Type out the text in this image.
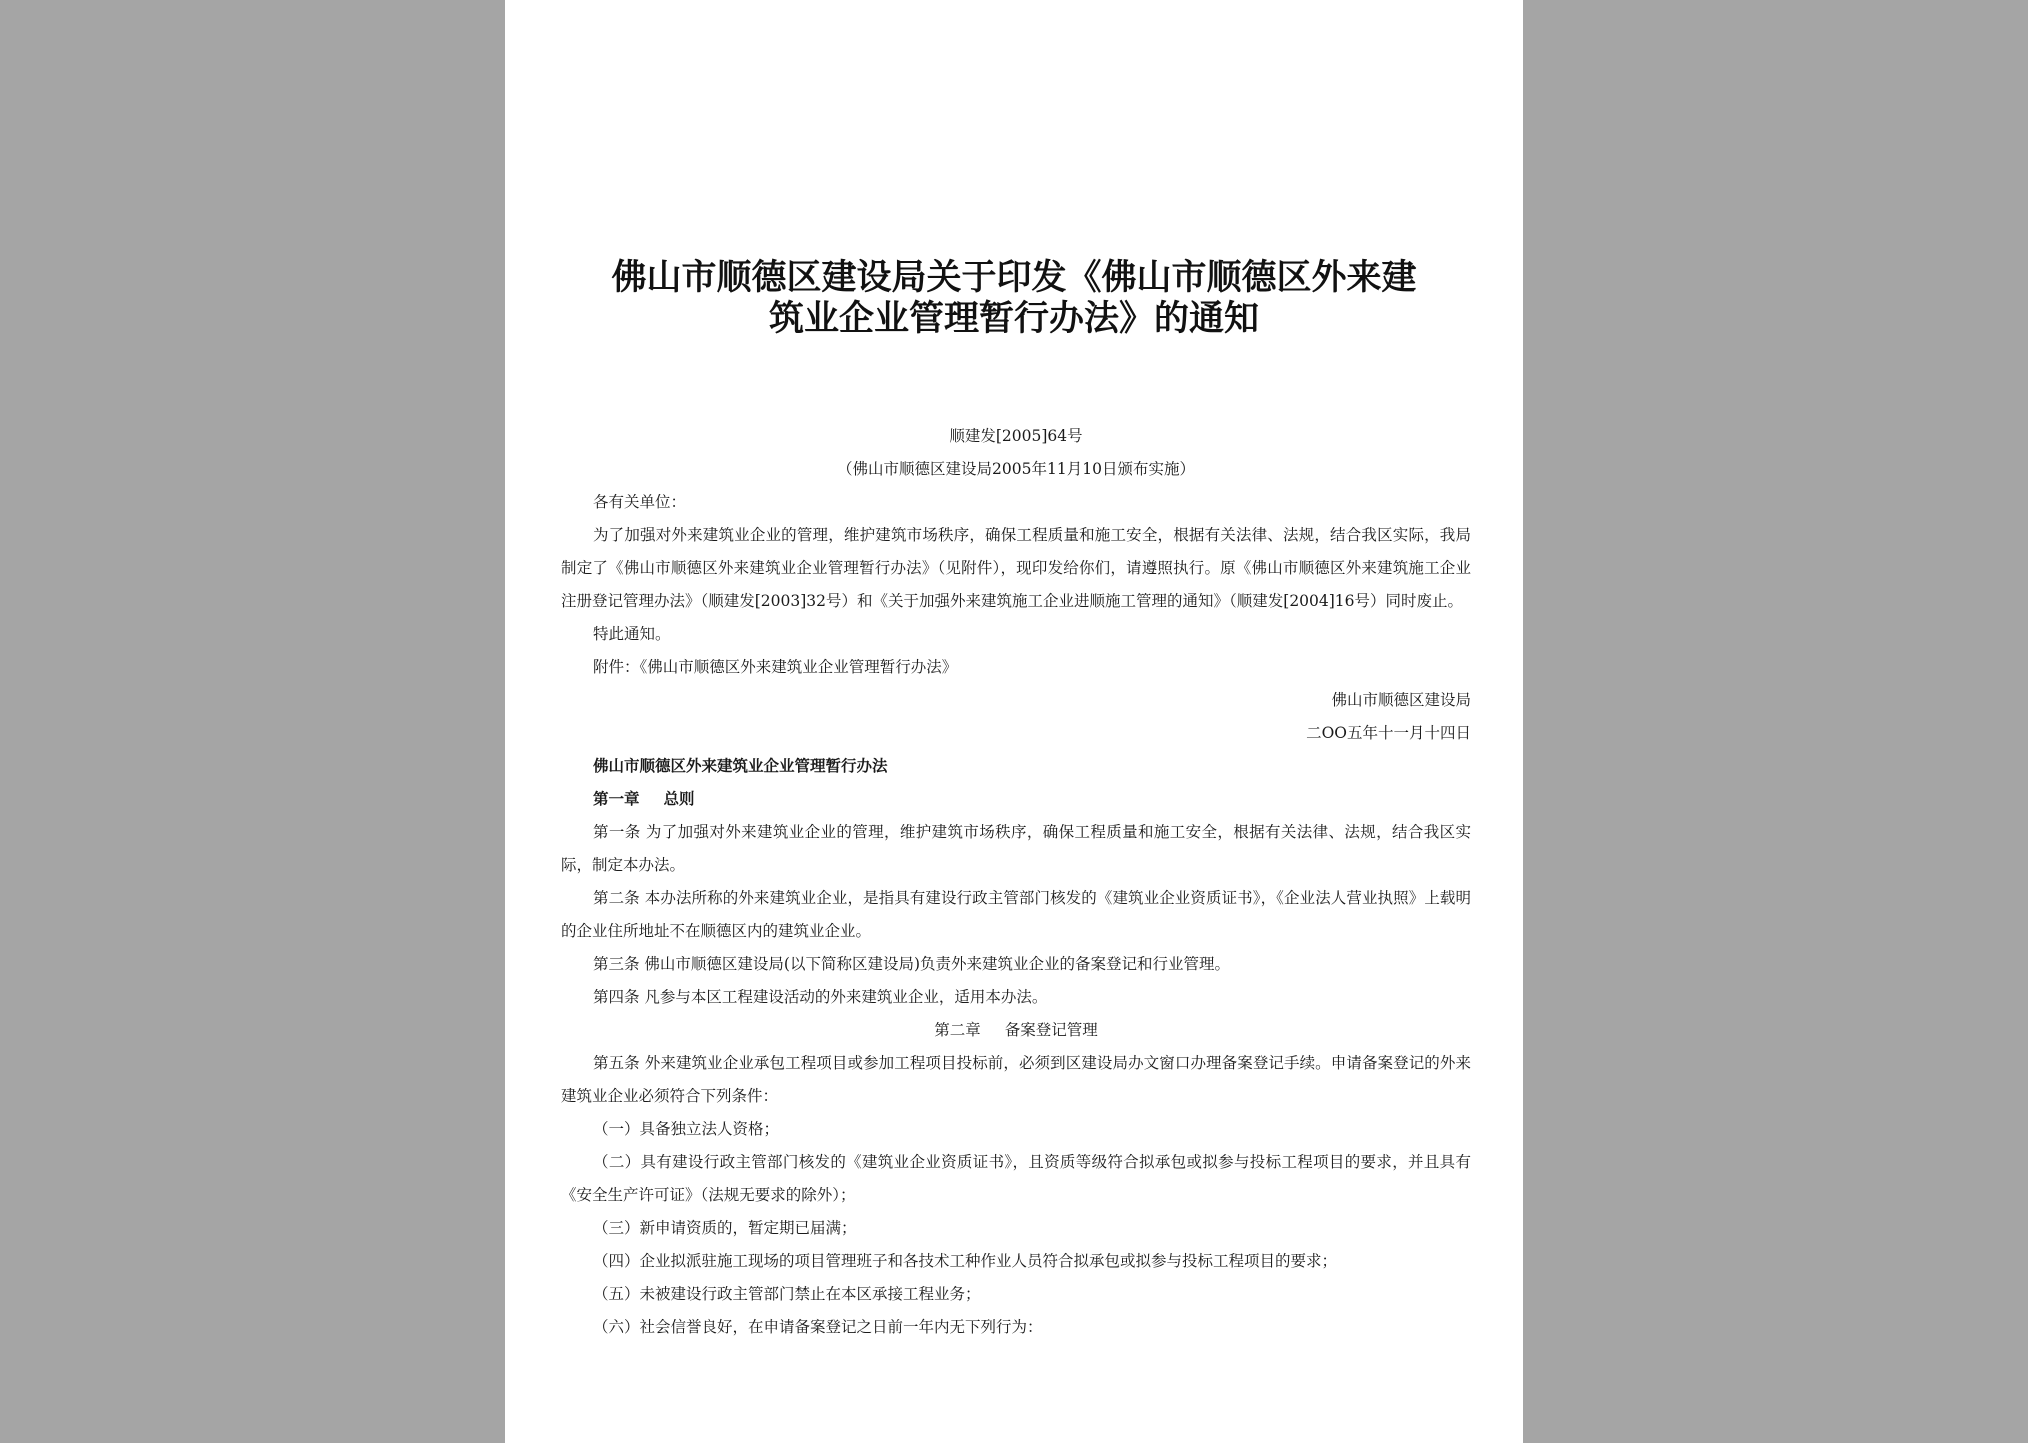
佛山市顺德区建设局关于印发《佛山市顺德区外来建
筑业企业管理暂行办法》的通知

顺建发[2005]64号

（佛山市顺德区建设局2005年11月10日颁布实施）

各有关单位：

为了加强对外来建筑业企业的管理，维护建筑市场秩序，确保工程质量和施工安全，根据有关法律、法规，结合我区实际，我局制定了《佛山市顺德区外来建筑业企业管理暂行办法》（见附件），现印发给你们，请遵照执行。原《佛山市顺德区外来建筑施工企业注册登记管理办法》（顺建发[2003]32号）和《关于加强外来建筑施工企业进顺施工管理的通知》（顺建发[2004]16号）同时废止。

特此通知。

附件：《佛山市顺德区外来建筑业企业管理暂行办法》

佛山市顺德区建设局

二OO五年十一月十四日

佛山市顺德区外来建筑业企业管理暂行办法

第一章 总则

第一条 为了加强对外来建筑业企业的管理，维护建筑市场秩序，确保工程质量和施工安全，根据有关法律、法规，结合我区实际，制定本办法。

第二条 本办法所称的外来建筑业企业，是指具有建设行政主管部门核发的《建筑业企业资质证书》，《企业法人营业执照》上载明的企业住所地址不在顺德区内的建筑业企业。

第三条 佛山市顺德区建设局(以下简称区建设局)负责外来建筑业企业的备案登记和行业管理。

第四条 凡参与本区工程建设活动的外来建筑业企业，适用本办法。

第二章 备案登记管理

第五条 外来建筑业企业承包工程项目或参加工程项目投标前，必须到区建设局办文窗口办理备案登记手续。申请备案登记的外来建筑业企业必须符合下列条件：

（一）具备独立法人资格；

（二）具有建设行政主管部门核发的《建筑业企业资质证书》，且资质等级符合拟承包或拟参与投标工程项目的要求，并且具有《安全生产许可证》（法规无要求的除外）；

（三）新申请资质的，暂定期已届满；

（四）企业拟派驻施工现场的项目管理班子和各技术工种作业人员符合拟承包或拟参与投标工程项目的要求；

（五）未被建设行政主管部门禁止在本区承接工程业务；

（六）社会信誉良好，在申请备案登记之日前一年内无下列行为：
